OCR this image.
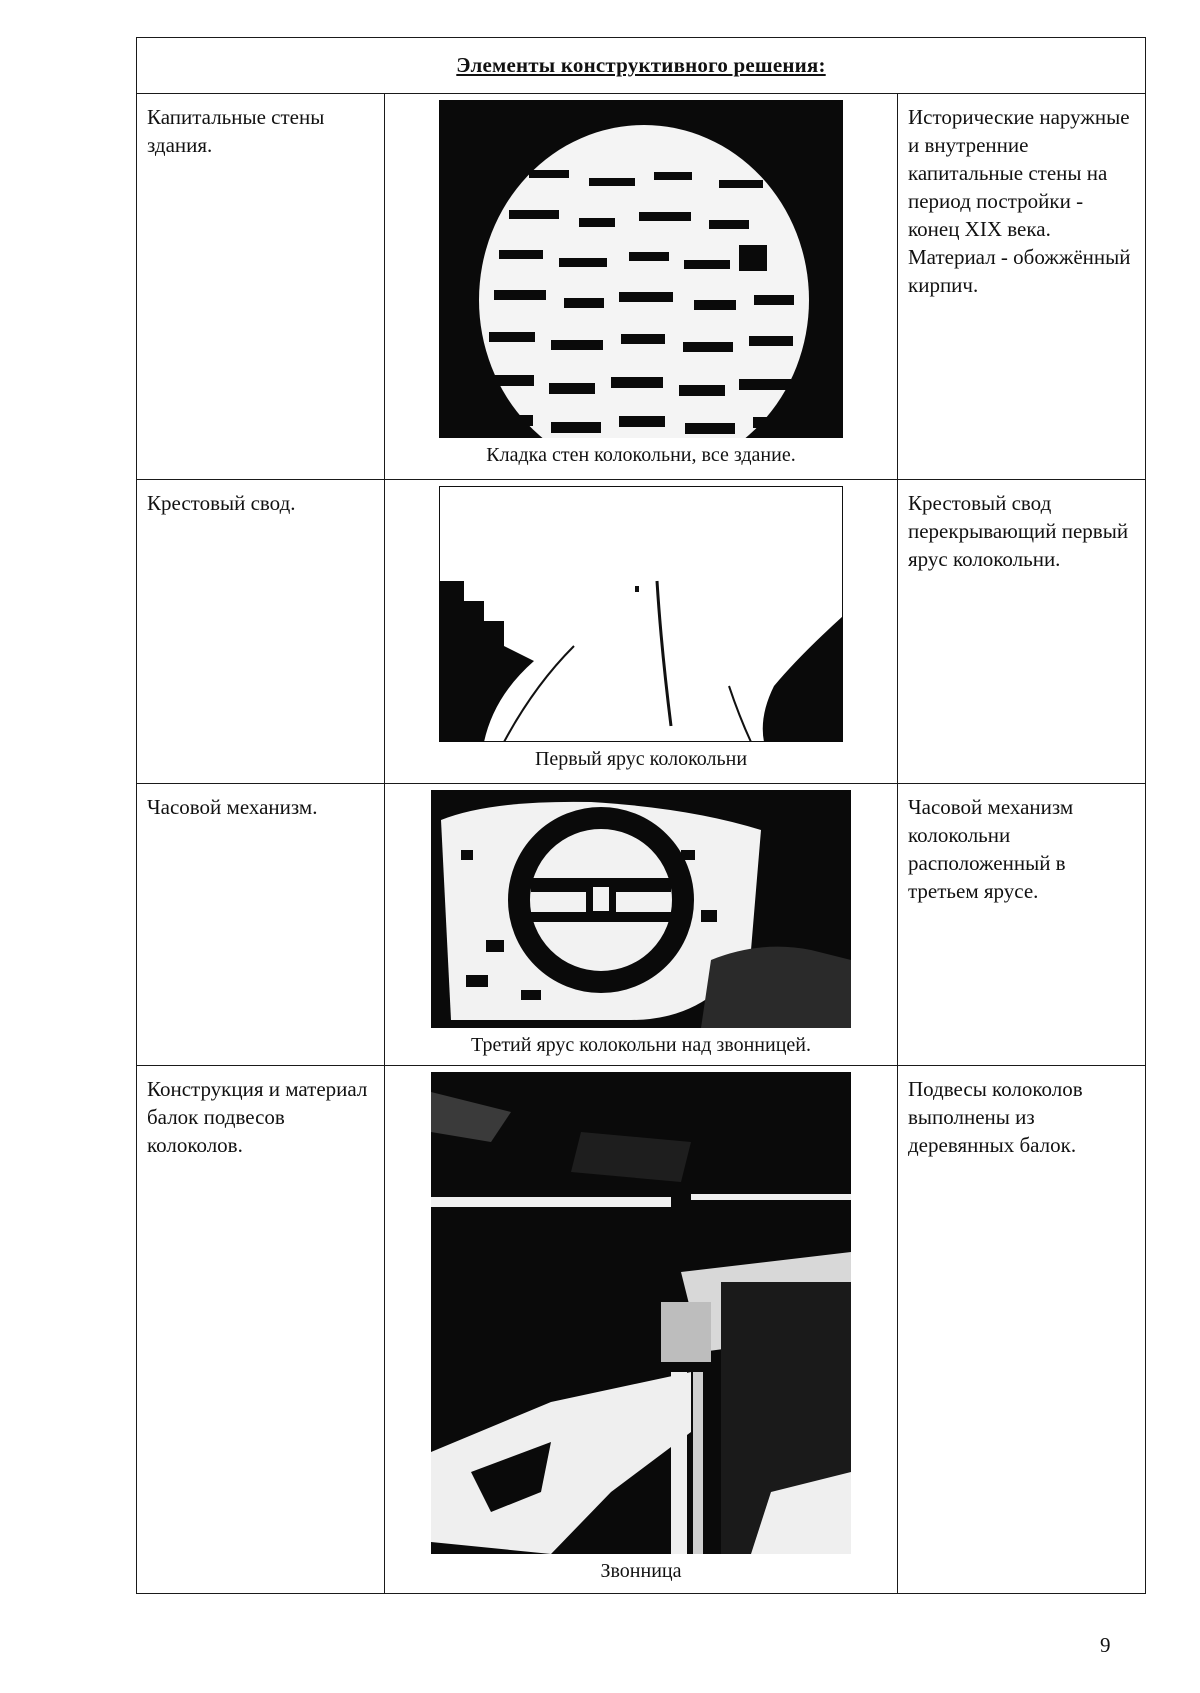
Элементы конструктивного решения:		

Капитальные стены здания.	Кладка стен колокольни, все здание.	Исторические наружные и внутренние капитальные стены на период постройки - конец XIX века. Материал - обожжённый кирпич.

Крестовый свод.	Первый ярус колокольни	Крестовый свод перекрывающий первый ярус колокольни.

Часовой механизм.	Третий ярус колокольни над звонницей.	Часовой механизм колокольни расположенный в третьем ярусе.

Конструкция и материал балок подвесов колоколов.	Звонница	Подвесы колоколов выполнены из деревянных балок.
9
